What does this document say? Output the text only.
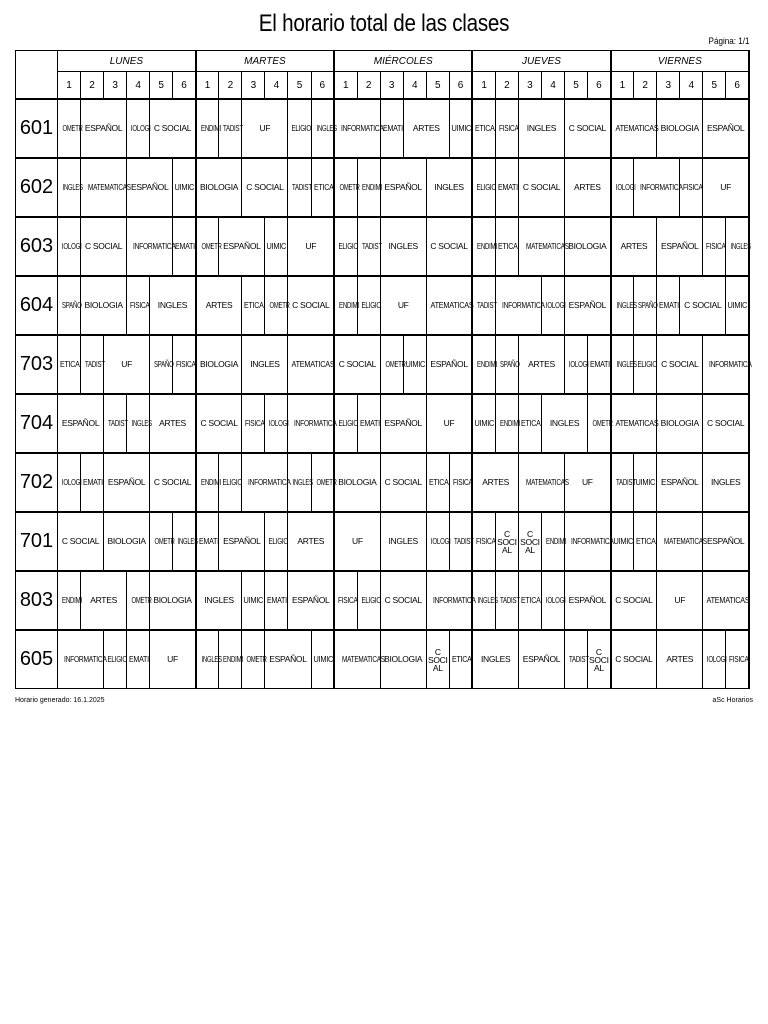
El horario total de las clases
Página: 1/1
	LUNES						MARTES						MIÉRCOLES						JUEVES						VIERNES					
	1	2	3	4	5	6	1	2	3	4	5	6	1	2	3	4	5	6	1	2	3	4	5	6	1	2	3	4	5	6
601	OMETR	ESPAÑOL		IOLOGI	C SOCIAL		ENDIMI	TADIST	UF		ELIGIO	INGLES	INFORMATICA		EMATI	ARTES		UIMIC	ETICA	FISICA	INGLES		C SOCIAL		ATEMATICAS		BIOLOGIA		ESPAÑOL	
602	INGLES	MATEMATICAS		ESPAÑOL		UIMIC	BIOLOGIA		C SOCIAL		TADIST	ETICA	OMETR	ENDIMI	ESPAÑOL		INGLES		ELIGIO	EMATI	C SOCIAL		ARTES		IOLOGI	INFORMATICA		FISICA	UF	
603	IOLOGI	C SOCIAL		INFORMATICA		EMATI	OMETR	ESPAÑOL		UIMIC	UF		ELIGIO	TADIST	INGLES		C SOCIAL		ENDIMI	ETICA	MATEMATICAS		BIOLOGIA		ARTES		ESPAÑOL		FISICA	INGLES
604	SPAÑO	BIOLOGIA		FISICA	INGLES		ARTES		ETICA	OMETR	C SOCIAL		ENDIMI	ELIGIO	UF		ATEMATICAS		TADIST	INFORMATICA		IOLOGI	ESPAÑOL		INGLES	SPAÑO	EMATI	C SOCIAL		UIMIC
703	ETICA	TADIST	UF		SPAÑO	FISICA	BIOLOGIA		INGLES		ATEMATICAS		C SOCIAL		OMETR	UIMIC	ESPAÑOL		ENDIMI	SPAÑO	ARTES		IOLOGI	EMATI	INGLES	ELIGIO	C SOCIAL		INFORMATICA	
704	ESPAÑOL		TADIST	INGLES	ARTES		C SOCIAL		FISICA	IOLOGI	INFORMATICA		ELIGIO	EMATI	ESPAÑOL		UF		UIMIC	ENDIMI	ETICA	INGLES		OMETR	ATEMATICAS		BIOLOGIA		C SOCIAL	
702	IOLOGI	EMATI	ESPAÑOL		C SOCIAL		ENDIMI	ELIGIO	INFORMATICA		INGLES	OMETR	BIOLOGIA		C SOCIAL		ETICA	FISICA	ARTES		MATEMATICAS		UF		TADIST	UIMIC	ESPAÑOL		INGLES	
701	C SOCIAL		BIOLOGIA		OMETR	INGLES	EMATI	ESPAÑOL		ELIGIO	ARTES		UF		INGLES		IOLOGI	TADIST	FISICA	C SOCIAL	C SOCIAL	ENDIMI	INFORMATICA		UIMIC	ETICA	MATEMATICAS		ESPAÑOL	
803	ENDIMI	ARTES		OMETR	BIOLOGIA		INGLES		UIMIC	EMATI	ESPAÑOL		FISICA	ELIGIO	C SOCIAL		INFORMATICA		INGLES	TADIST	ETICA	IOLOGI	ESPAÑOL		C SOCIAL		UF		ATEMATICAS	
605	INFORMATICA		ELIGIO	EMATI	UF		INGLES	ENDIMI	OMETR	ESPAÑOL		UIMIC	MATEMATICAS		BIOLOGIA		C SOCIAL	ETICA	INGLES		ESPAÑOL		TADIST	C SOCIAL	C SOCIAL		ARTES		IOLOGI	FISICA
Horario generado: 16.1.2025	aSc Horarios
